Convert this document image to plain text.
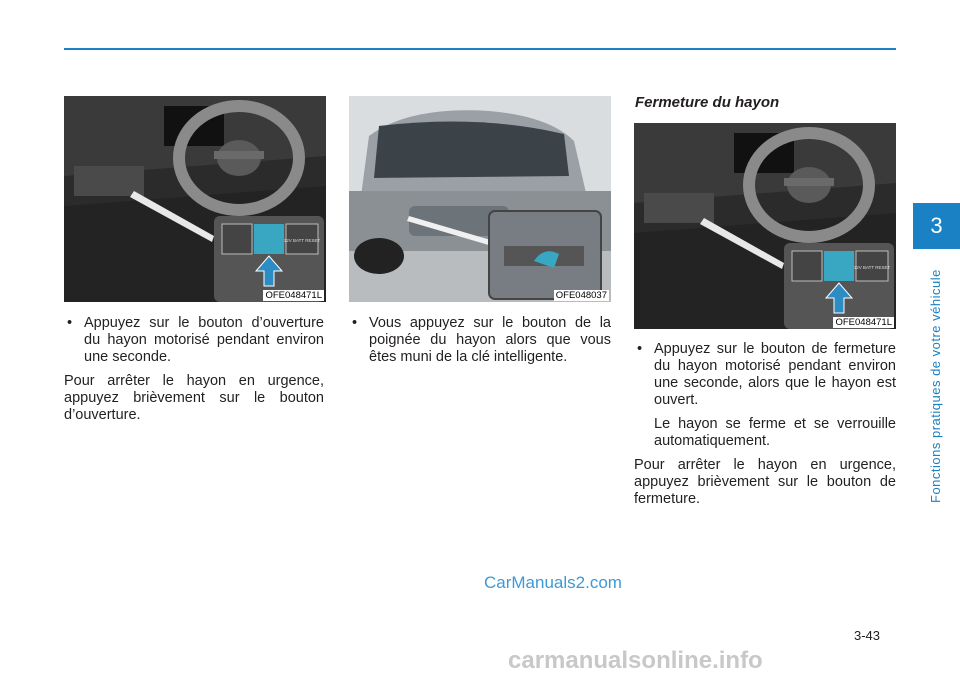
3
Fonctions pratiques de votre véhicule
12V BATT RESET
OFE048471L	OFE048037
12V BATT RESET
OFE048471L
• Appuyez sur le bouton d’ouverture du hayon motorisé pendant environ une seconde.
Pour arrêter le hayon en urgence, appuyez brièvement sur le bouton d’ouverture.
• Vous appuyez sur le bouton de la poignée du hayon alors que vous êtes muni de la clé intelligente.
Fermeture du hayon
• Appuyez sur le bouton de fermeture du hayon motorisé pendant environ une seconde, alors que le hayon est ouvert.
Le hayon se ferme et se verrouille automatiquement.
Pour arrêter le hayon en urgence, appuyez brièvement sur le bouton de fermeture.
CarManuals2.com
3-43
carmanualsonline.info
